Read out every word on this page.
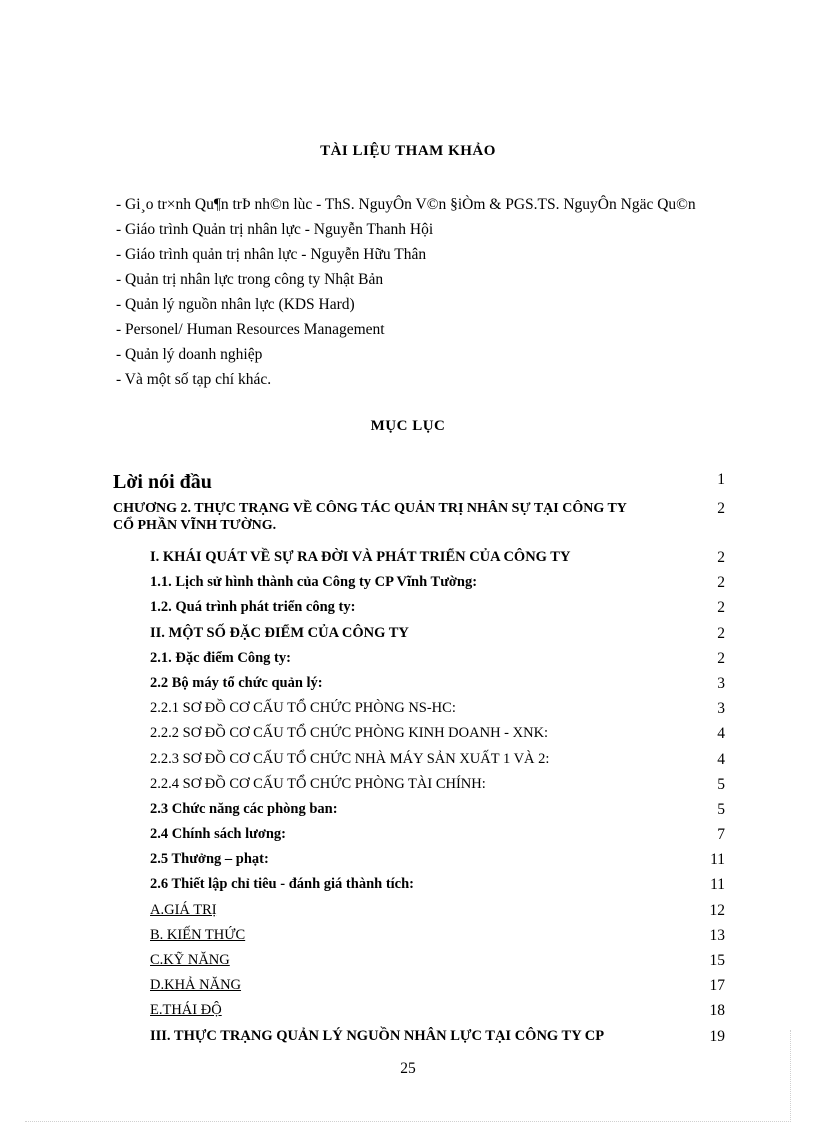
TÀI LIỆU THAM KHẢO
- Gi¸o tr×nh Qu¶n trÞ nh©n lùc - ThS. NguyÔn V©n §iÒm & PGS.TS. NguyÔn Ngäc Qu©n
- Giáo trình Quản trị nhân lực - Nguyễn Thanh Hội
- Giáo trình quản trị nhân lực - Nguyễn Hữu Thân
- Quản trị nhân lực trong công ty Nhật Bản
- Quản lý nguồn nhân lực (KDS Hard)
- Personel/ Human Resources Management
- Quản lý doanh nghiệp
- Và một số tạp chí khác.
MỤC LỤC
Lời nói đầu	1
CHƯƠNG 2. THỰC TRẠNG VỀ CÔNG TÁC QUẢN TRỊ NHÂN SỰ TẠI CÔNG TY CỔ PHẦN VĨNH TƯỜNG.
2
I. KHÁI QUÁT VỀ SỰ RA ĐỜI VÀ PHÁT TRIỂN CỦA CÔNG TY	2
1.1. Lịch sử hình thành của Công ty CP Vĩnh Tường:	2
1.2. Quá trình phát triển công ty:	2
II. MỘT SỐ ĐẶC ĐIỂM CỦA CÔNG TY	2
2.1. Đặc điểm Công ty:	2
2.2 Bộ máy tổ chức quản lý:	3
2.2.1 SƠ ĐỒ CƠ CẤU TỔ CHỨC PHÒNG NS-HC:	3
2.2.2 SƠ ĐỒ CƠ CẤU TỔ CHỨC PHÒNG KINH DOANH - XNK:	4
2.2.3 SƠ ĐỒ CƠ CẤU TỔ CHỨC NHÀ MÁY SẢN XUẤT 1 VÀ 2:	4
2.2.4 SƠ ĐỒ CƠ CẤU TỔ CHỨC PHÒNG TÀI CHÍNH:	5
2.3 Chức năng các phòng ban:	5
2.4 Chính sách lương:	7
2.5 Thưởng – phạt:	11
2.6 Thiết lập chỉ tiêu - đánh giá thành tích:	11
A.GIÁ TRỊ	12
B. KIẾN THỨC	13
C.KỸ NĂNG	15
D.KHẢ NĂNG	17
E.THÁI ĐỘ	18
III. THỰC TRẠNG QUẢN LÝ NGUỒN NHÂN LỰC TẠI CÔNG TY CP	19
25
